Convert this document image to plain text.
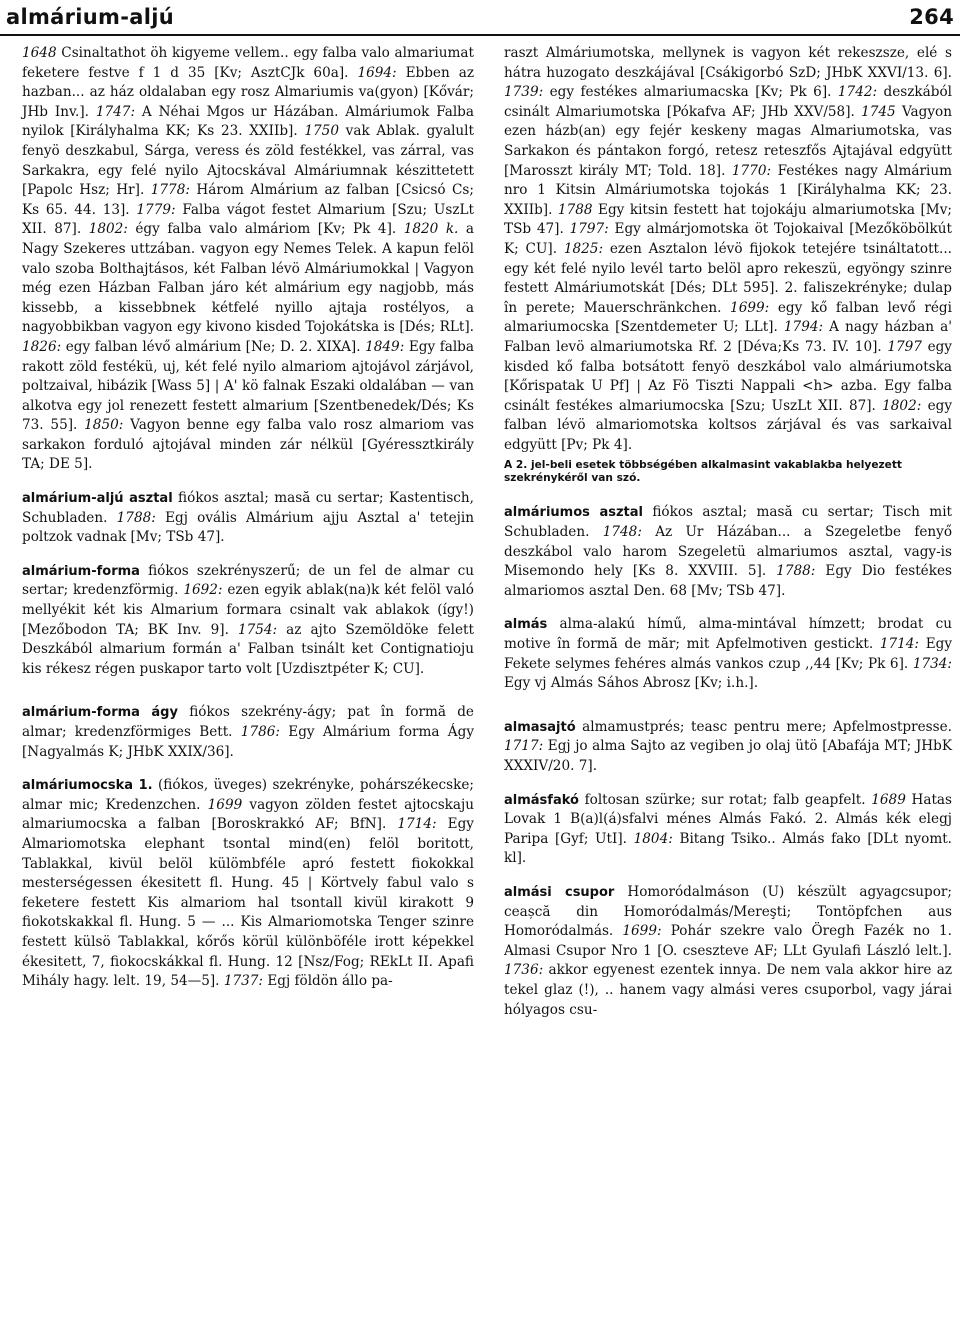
almárium-aljú	264

1648 Csinaltathot öh kigyeme vellem.. egy falba valo almariumat feketere festve f 1 d 35 [Kv; AsztCJk 60a]. 1694: Ebben az hazban... az ház oldalaban egy rosz Almariumis va(gyon) [Kővár; JHb Inv.]. 1747: A Néhai Mgos ur Házában. Almáriumok Falba nyilok [Királyhalma KK; Ks 23. XXIIb]. 1750 vak Ablak. gyalult fenyö deszkabul, Sárga, veress és zöld festékkel, vas zárral, vas Sarkakra, egy felé nyilo Ajtocskával Almáriumnak készittetett [Papolc Hsz; Hr]. 1778: Három Almárium az falban [Csicsó Cs; Ks 65. 44. 13]. 1779: Falba vágot festet Almarium [Szu; UszLt XII. 87]. 1802: égy falba valo almáriom [Kv; Pk 4]. 1820 k. a Nagy Szekeres uttzában. vagyon egy Nemes Telek. A kapun felöl valo szoba Bolthajtásos, két Falban lévö Almáriumokkal | Vagyon még ezen Házban Falban járo két almárium egy nagjobb, más kissebb, a kissebbnek kétfelé nyillo ajtaja rostélyos, a nagyobbikban vagyon egy kivono kisded Tojokátska is [Dés; RLt]. 1826: egy falban lévő almárium [Ne; D. 2. XIXA]. 1849: Egy falba rakott zöld festékü, uj, két felé nyilo almariom ajtojávol zárjávol, poltzaival, hibázik [Wass 5] | A' kö falnak Eszaki oldalában — van alkotva egy jol renezett festett almarium [Szentbenedek/Dés; Ks 73. 55]. 1850: Vagyon benne egy falba valo rosz almariom vas sarkakon forduló ajtojával minden zár nélkül [Gyéressztkirály TA; DE 5].

almárium-aljú asztal fiókos asztal; masă cu sertar; Kastentisch, Schubladen. 1788: Egj ovális Almárium ajju Asztal a' tetejin poltzok vadnak [Mv; TSb 47].

almárium-forma fiókos szekrényszerű; de un fel de almar cu sertar; kredenzförmig. 1692: ezen egyik ablak(na)k két felöl való mellyékit két kis Almarium formara csinalt vak ablakok (így!) [Mezőbodon TA; BK Inv. 9]. 1754: az ajto Szemöldöke felett Deszkából almarium formán a' Falban tsinált ket Contignatioju kis rékesz régen puskapor tarto volt [Uzdisztpéter K; CU].

almárium-forma ágy fiókos szekrény-ágy; pat în formă de almar; kredenzförmiges Bett. 1786: Egy Almárium forma Ágy [Nagyalmás K; JHbK XXIX/36].

almáriumocska 1. (fiókos, üveges) szekrényke, pohárszékecske; almar mic; Kredenzchen. 1699 vagyon zölden festet ajtocskaju almariumocska a falban [Boroskrakkó AF; BfN]. 1714: Egy Almariomotska elephant tsontal mind(en) felöl boritott, Tablakkal, kivül belöl külömbféle apró festett fiokokkal mesterségessen ékesitett fl. Hung. 45 | Körtvely fabul valo s feketere festett Kis almariom hal tsontall kivül kirakott 9 fiokotskakkal fl. Hung. 5 — ... Kis Almariomotska Tenger szinre festett külsö Tablakkal, kőrős körül különböféle irott képekkel ékesitett, 7, fiokocskákkal fl. Hung. 12 [Nsz/Fog; REkLt II. Apafi Mihály hagy. lelt. 19, 54—5]. 1737: Egj földön állo pa-

raszt Almáriumotska, mellynek is vagyon két rekeszsze, elé s hátra huzogato deszkájával [Csákigorbó SzD; JHbK XXVI/13. 6]. 1739: egy festékes almariumacska [Kv; Pk 6]. 1742: deszkából csinált Almariumotska [Pókafva AF; JHb XXV/58]. 1745 Vagyon ezen házb(an) egy fejér keskeny magas Almariumotska, vas Sarkakon és pántakon forgó, retesz reteszfős Ajtajával edgyütt [Marosszt király MT; Told. 18]. 1770: Festékes nagy Almárium nro 1 Kitsin Almáriumotska tojokás 1 [Királyhalma KK; 23. XXIIb]. 1788 Egy kitsin festett hat tojokáju almariumotska [Mv; TSb 47]. 1797: Egy almárjomotska öt Tojokaival [Mezőköbölkút K; CU]. 1825: ezen Asztalon lévö fijokok tetejére tsináltatott... egy két felé nyilo levél tarto belöl apro rekeszü, egyöngy szinre festett Almáriumotskát [Dés; DLt 595]. 2. faliszekrényke; dulap în perete; Mauerschränkchen. 1699: egy kő falban levő régi almariumocska [Szentdemeter U; LLt]. 1794: A nagy házban a' Falban levö almariumotska Rf. 2 [Déva;Ks 73. IV. 10]. 1797 egy kisded kő falba botsátott fenyö deszkábol valo almáriumotska [Kőrispatak U Pf] | Az Fö Tiszti Nappali <h> azba. Egy falba csinált festékes almariumocska [Szu; UszLt XII. 87]. 1802: egy falban lévö almariomotska koltsos zárjával és vas sarkaival edgyütt [Pv; Pk 4].

A 2. jel-beli esetek többségében alkalmasint vakablakba helyezett szekrénykéről van szó.

almáriumos asztal fiókos asztal; masă cu sertar; Tisch mit Schubladen. 1748: Az Ur Házában... a Szegeletbe fenyő deszkábol valo harom Szegeletü almariumos asztal, vagy-is Misemondo hely [Ks 8. XXVIII. 5]. 1788: Egy Dio festékes almariomos asztal Den. 68 [Mv; TSb 47].

almás alma-alakú hímű, alma-mintával hímzett; brodat cu motive în formă de măr; mit Apfelmotiven gestickt. 1714: Egy Fekete selymes fehéres almás vankos czup ,,44 [Kv; Pk 6]. 1734: Egy vj Almás Sáhos Abrosz [Kv; i.h.].

almasajtó almamustprés; teasc pentru mere; Apfelmostpresse. 1717: Egj jo alma Sajto az vegiben jo olaj ütö [Abafája MT; JHbK XXXIV/20. 7].

almásfakó foltosan szürke; sur rotat; falb geapfelt. 1689 Hatas Lovak 1 B(a)l(á)sfalvi ménes Almás Fakó. 2. Almás kék elegj Paripa [Gyf; UtI]. 1804: Bitang Tsiko.. Almás fako [DLt nyomt. kl].

almási csupor Homoródalmáson (U) készült agyagcsupor; ceașcă din Homoródalmás/Mereşti; Tontöpfchen aus Homoródalmás. 1699: Pohár szekre valo Öregh Fazék no 1. Almasi Csupor Nro 1 [O. cseszteve AF; LLt Gyulafi László lelt.]. 1736: akkor egyenest ezentek innya. De nem vala akkor hire az tekel glaz (!), .. hanem vagy almási veres csuporbol, vagy járai hólyagos csu-
